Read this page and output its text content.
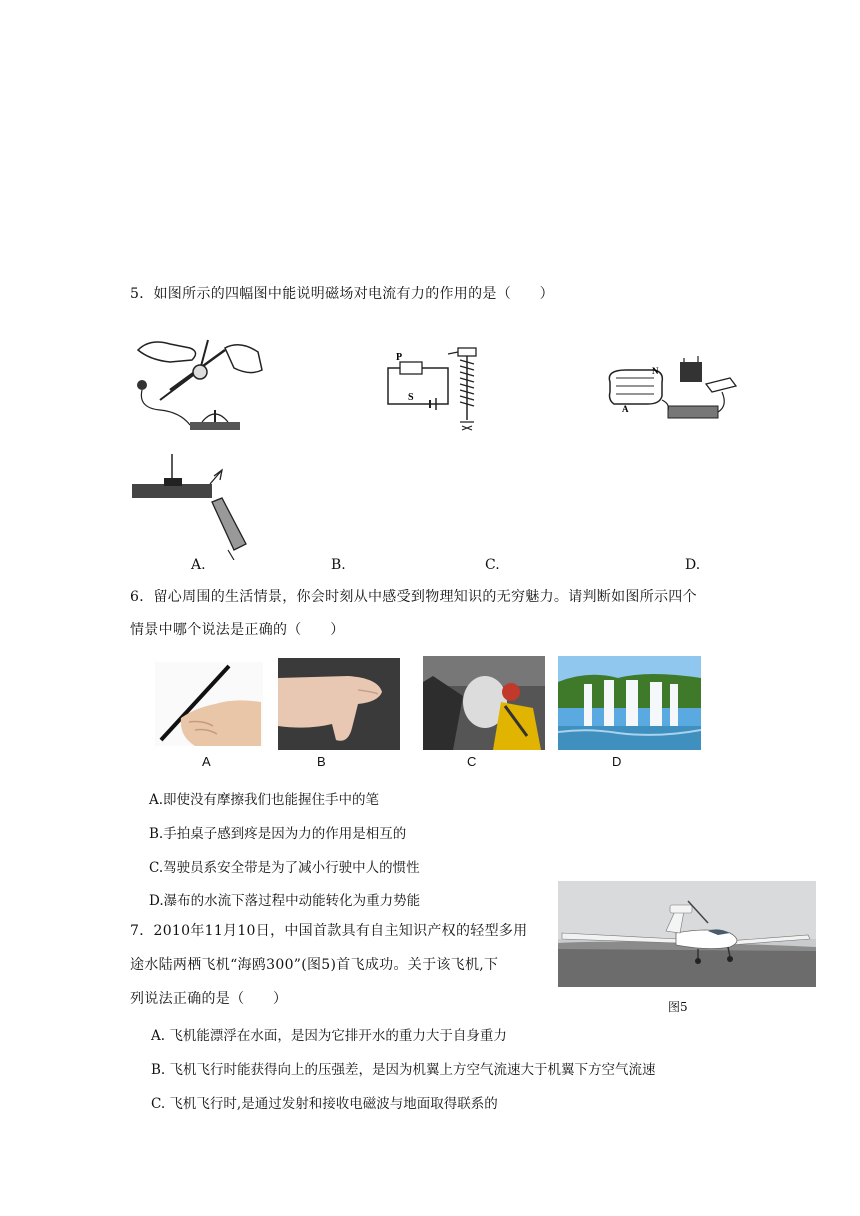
5．如图所示的四幅图中能说明磁场对电流有力的作用的是（　　）
P
S
N
A
A.	B.	C.	D.
6．留心周围的生活情景，你会时刻从中感受到物理知识的无穷魅力。请判断如图所示四个
情景中哪个说法是正确的（　　）
A	B	C	D
A.即使没有摩擦我们也能握住手中的笔
B.手拍桌子感到疼是因为力的作用是相互的
C.驾驶员系安全带是为了减小行驶中人的惯性
D.瀑布的水流下落过程中动能转化为重力势能
图5
7．2010年11月10日，中国首款具有自主知识产权的轻型多用
途水陆两栖飞机“海鸥300”(图5)首飞成功。关于该飞机,下
列说法正确的是（　　）
A. 飞机能漂浮在水面，是因为它排开水的重力大于自身重力
B. 飞机飞行时能获得向上的压强差，是因为机翼上方空气流速大于机翼下方空气流速
C. 飞机飞行时,是通过发射和接收电磁波与地面取得联系的
